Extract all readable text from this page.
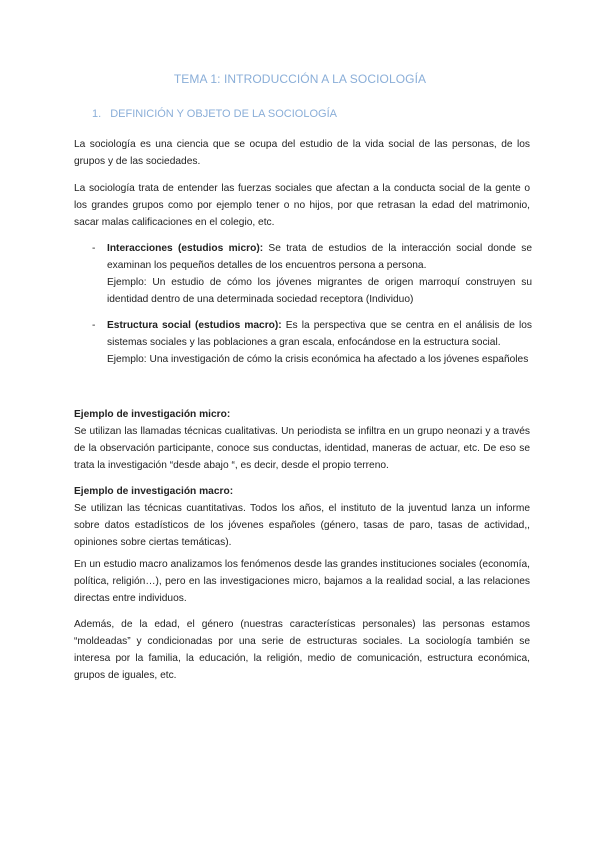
TEMA 1: INTRODUCCIÓN A LA SOCIOLOGÍA
1. DEFINICIÓN Y OBJETO DE LA SOCIOLOGÍA
La sociología es una ciencia que se ocupa del estudio de la vida social de las personas, de los grupos y de las sociedades.
La sociología trata de entender las fuerzas sociales que afectan a la conducta social de la gente o los grandes grupos como por ejemplo tener o no hijos, por que retrasan la edad del matrimonio, sacar malas calificaciones en el colegio, etc.
- Interacciones (estudios micro): Se trata de estudios de la interacción social donde se examinan los pequeños detalles de los encuentros persona a persona.
Ejemplo: Un estudio de cómo los jóvenes migrantes de origen marroquí construyen su identidad dentro de una determinada sociedad receptora (Individuo)
- Estructura social (estudios macro): Es la perspectiva que se centra en el análisis de los sistemas sociales y las poblaciones a gran escala, enfocándose en la estructura social.
Ejemplo: Una investigación de cómo la crisis económica ha afectado a los jóvenes españoles
Ejemplo de investigación micro:
Se utilizan las llamadas técnicas cualitativas. Un periodista se infiltra en un grupo neonazi y a través de la observación participante, conoce sus conductas, identidad, maneras de actuar, etc. De eso se trata la investigación “desde abajo “, es decir, desde el propio terreno.
Ejemplo de investigación macro:
Se utilizan las técnicas cuantitativas. Todos los años, el instituto de la juventud lanza un informe sobre datos estadísticos de los jóvenes españoles (género, tasas de paro, tasas de actividad,, opiniones sobre ciertas temáticas).
En un estudio macro analizamos los fenómenos desde las grandes instituciones sociales (economía, política, religión…), pero en las investigaciones micro, bajamos a la realidad social, a las relaciones directas entre individuos.
Además, de la edad, el género (nuestras características personales) las personas estamos “moldeadas” y condicionadas por una serie de estructuras sociales. La sociología también se interesa por la familia, la educación, la religión, medio de comunicación, estructura económica, grupos de iguales, etc.
